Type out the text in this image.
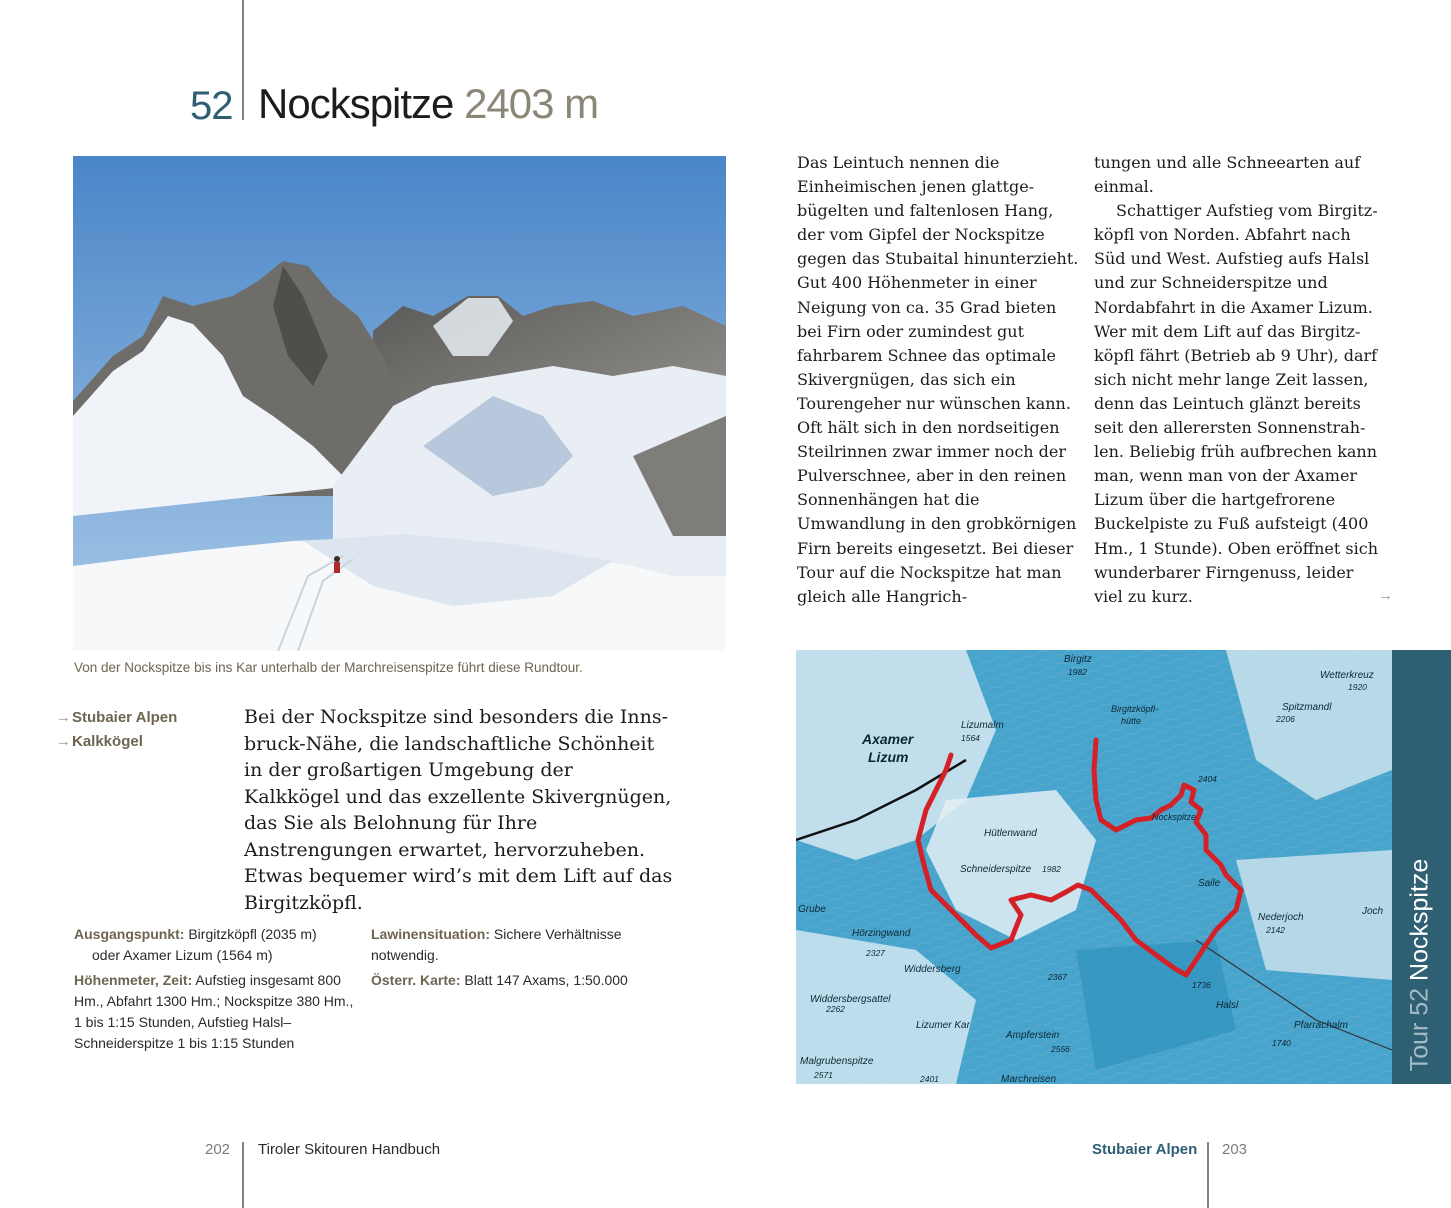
52 Nockspitze 2403 m
Von der Nockspitze bis ins Kar unterhalb der Marchreisenspitze führt diese Rundtour.
→Stubaier Alpen
→Kalkkögel

Bei der Nockspitze sind besonders die Innsbruck-Nähe, die landschaftliche Schönheit in der großartigen Umgebung der Kalkkögel und das exzellente Skivergnügen, das Sie als Belohnung für Ihre Anstrengungen erwartet, hervorzuheben. Etwas bequemer wird’s mit dem Lift auf das Birgitzköpfl.

Ausgangspunkt: Birgitzköpfl (2035 m)
oder Axamer Lizum (1564 m)

Höhenmeter, Zeit: Aufstieg insgesamt 800 Hm., Abfahrt 1300 Hm.; Nockspitze 380 Hm., 1 bis 1:15 Stunden, Aufstieg Halsl–Schneiderspitze 1 bis 1:15 Stunden

Lawinensituation: Sichere Verhältnisse notwendig.

Österr. Karte: Blatt 147 Axams, 1:50.000

Das Leintuch nennen die Einheimischen jenen glattgebügelten und faltenlosen Hang, der vom Gipfel der Nockspitze gegen das Stubaital hinunterzieht. Gut 400 Höhenmeter in einer Neigung von ca. 35 Grad bieten bei Firn oder zumindest gut fahrbarem Schnee das optimale Skivergnügen, das sich ein Tourengeher nur wünschen kann. Oft hält sich in den nordseitigen Steilrinnen zwar immer noch der Pulverschnee, aber in den reinen Sonnenhängen hat die Umwandlung in den grobkörnigen Firn bereits eingesetzt. Bei dieser Tour auf die Nockspitze hat man gleich alle Hangrich-

tungen und alle Schneearten auf einmal.

Schattiger Aufstieg vom Birgitzköpfl von Norden. Abfahrt nach Süd und West. Aufstieg aufs Halsl und zur Schneiderspitze und Nordabfahrt in die Axamer Lizum. Wer mit dem Lift auf das Birgitzköpfl fährt (Betrieb ab 9 Uhr), darf sich nicht mehr lange Zeit lassen, denn das Leintuch glänzt bereits seit den allerersten Sonnenstrahlen. Beliebig früh aufbrechen kann man, wenn man von der Axamer Lizum über die hartgefrorene Buckelpiste zu Fuß aufsteigt (400 Hm., 1 Stunde). Oben eröffnet sich wunderbarer Firngenuss, leider viel zu kurz.	→
Birgitz
1982	Wetterkreuz
1920
Axamer
Lizum
Lizumalm
1564
Birgitzköpfl-
hütte
Spitzmandl
2206
Hütlenwand
Schneiderspitze 1982
Nockspitze
2404
Saile
Nederjoch
2142
Joch
Grube
Hörzingwand
2327
Widdersberg
2367
Widdersbergsattel
2262
Lizumer Kar
Ampferstein
2556
Malgrubenspitze
2571	2401	Marchreisen
Halsl
1736
1740
Pfarrachalm Tour 52 Nockspitze
202 Tiroler Skitouren Handbuch	Stubaier Alpen 203
